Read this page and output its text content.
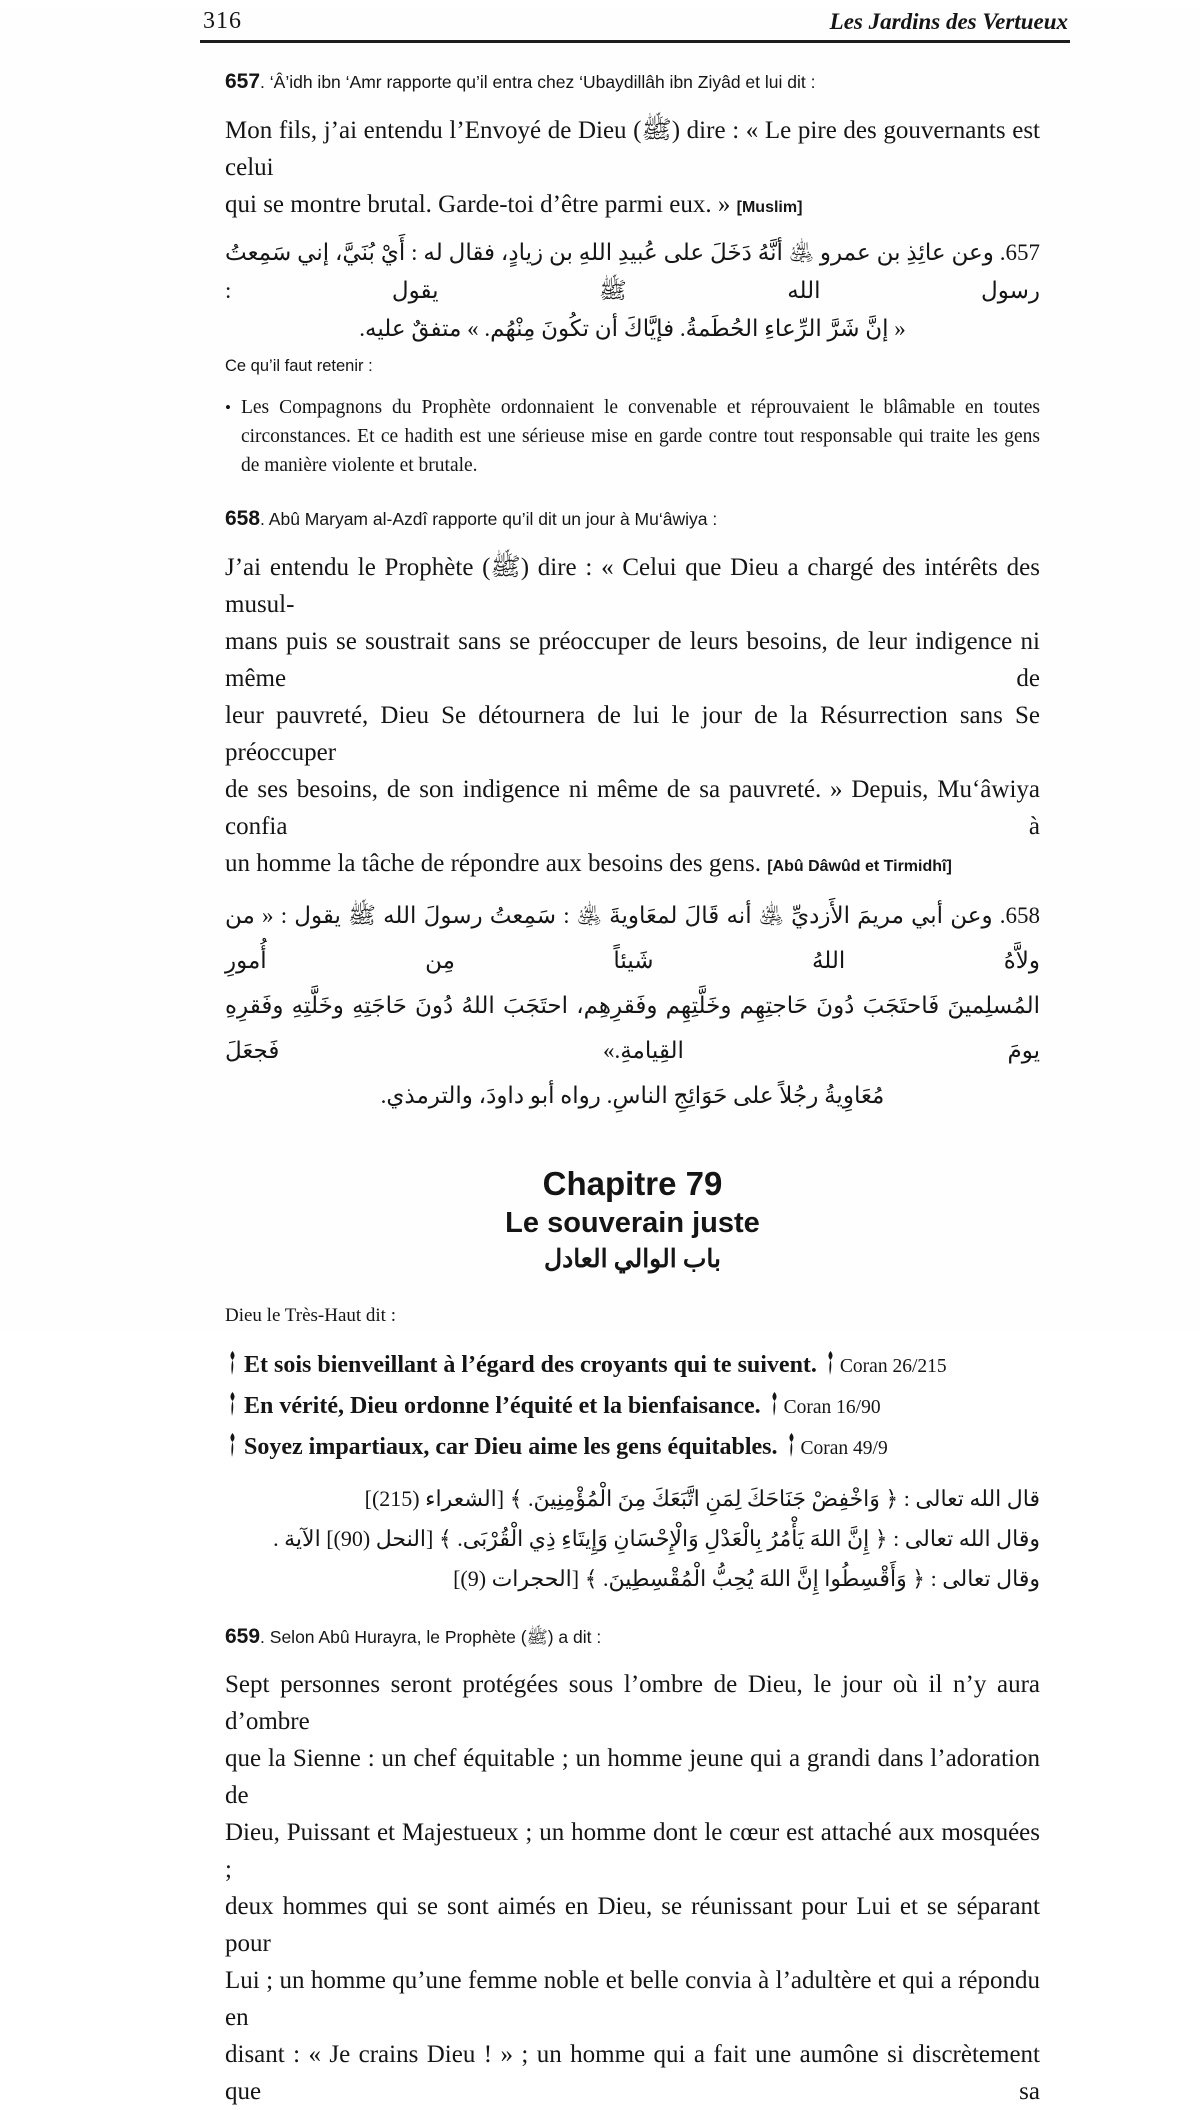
316	Les Jardins des Vertueux

657. ‘Â’idh ibn ‘Amr rapporte qu’il entra chez ‘Ubaydillâh ibn Ziyâd et lui dit :

Mon fils, j’ai entendu l’Envoyé de Dieu (ﷺ) dire : « Le pire des gouvernants est celui
qui se montre brutal. Garde-toi d’être parmi eux. » [Muslim]
657. وعن عائِذِ بن عمرو ﵁ أنَّهُ دَخَلَ على عُبيدِ اللهِ بن زيادٍ، فقال له : أَيْ بُنَيَّ، إني سَمِعتُ رسول الله ﷺ يقول :
« إنَّ شَرَّ الرِّعاءِ الحُطَمةُ. فإيَّاكَ أن تكُونَ مِنْهُم. » متفقٌ عليه.

Ce qu’il faut retenir :

• Les Compagnons du Prophète ordonnaient le convenable et réprouvaient le blâmable en toutes circonstances. Et ce hadith est une sérieuse mise en garde contre tout responsable qui traite les gens de manière violente et brutale.

658. Abû Maryam al-Azdî rapporte qu’il dit un jour à Mu‘âwiya :

J’ai entendu le Prophète (ﷺ) dire : « Celui que Dieu a chargé des intérêts des musul-
mans puis se soustrait sans se préoccuper de leurs besoins, de leur indigence ni même de
leur pauvreté, Dieu Se détournera de lui le jour de la Résurrection sans Se préoccuper
de ses besoins, de son indigence ni même de sa pauvreté. » Depuis, Mu‘âwiya confia à
un homme la tâche de répondre aux besoins des gens. [Abû Dâwûd et Tirmidhî]
658. وعن أبي مريمَ الأَزديِّ ﵁ أنه قَالَ لمعَاويةَ ﵁ : سَمِعتُ رسولَ الله ﷺ يقول : « من ولاَّهُ اللهُ شَيئاً مِن أُمورِ
المُسلِمينَ فَاحتَجَبَ دُونَ حَاجتِهِم وخَلَّتِهِم وفَقرِهِم، احتَجَبَ اللهُ دُونَ حَاجَتِهِ وخَلَّتِهِ وفَقرِهِ يومَ القِيامةِ.» فَجعَلَ
مُعَاوِيةُ رجُلاً على حَوَائِجِ الناسِ. رواه أبو داودَ، والترمذي.
Chapitre 79
Le souverain juste
باب الوالي العادل

Dieu le Très-Haut dit :

Et sois bienveillant à l’égard des croyants qui te suivent. Coran 26/215
En vérité, Dieu ordonne l’équité et la bienfaisance. Coran 16/90
Soyez impartiaux, car Dieu aime les gens équitables. Coran 49/9
قال الله تعالى : ﴿ وَاخْفِضْ جَنَاحَكَ لِمَنِ اتَّبَعَكَ مِنَ الْمُؤْمِنِينَ. ﴾ [الشعراء (215)]
وقال الله تعالى : ﴿ إِنَّ اللهَ يَأْمُرُ بِالْعَدْلِ وَالْإِحْسَانِ وَإِيتَاءِ ذِي الْقُرْبَى. ﴾ [النحل (90)] الآية .
وقال تعالى : ﴿ وَأَقْسِطُوا إِنَّ اللهَ يُحِبُّ الْمُقْسِطِينَ. ﴾ [الحجرات (9)]

659. Selon Abû Hurayra, le Prophète (ﷺ) a dit :

Sept personnes seront protégées sous l’ombre de Dieu, le jour où il n’y aura d’ombre
que la Sienne : un chef équitable ; un homme jeune qui a grandi dans l’adoration de
Dieu, Puissant et Majestueux ; un homme dont le cœur est attaché aux mosquées ;
deux hommes qui se sont aimés en Dieu, se réunissant pour Lui et se séparant pour
Lui ; un homme qu’une femme noble et belle convia à l’adultère et qui a répondu en
disant : « Je crains Dieu ! » ; un homme qui a fait une aumône si discrètement que sa
